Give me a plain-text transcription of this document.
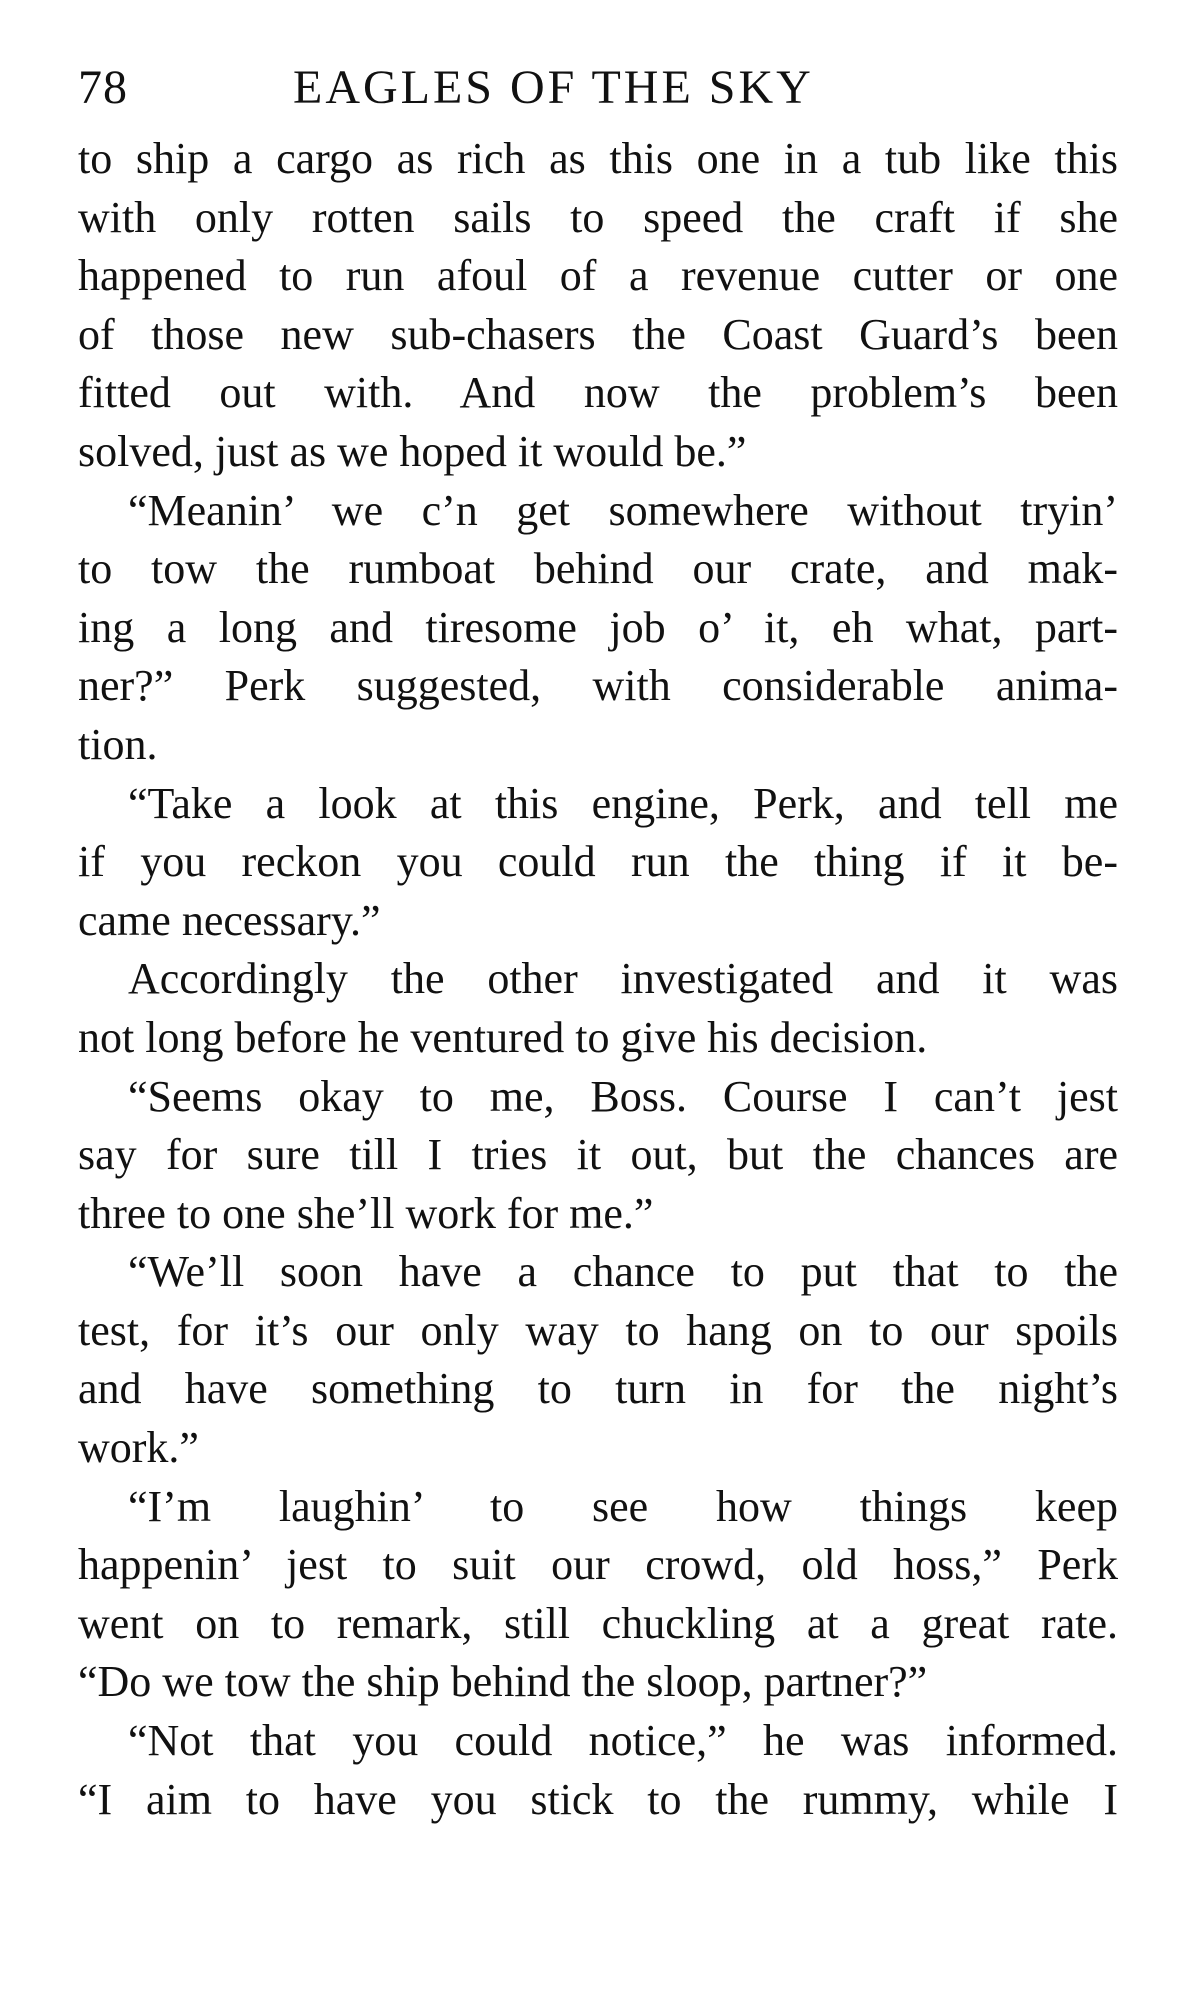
78	EAGLES OF THE SKY
to ship a cargo as rich as this one in a tub like this
with only rotten sails to speed the craft if she
happened to run afoul of a revenue cutter or one
of those new sub-chasers the Coast Guard’s been
fitted out with. And now the problem’s been
solved, just as we hoped it would be.”
“Meanin’ we c’n get somewhere without tryin’
to tow the rumboat behind our crate, and mak-
ing a long and tiresome job o’ it, eh what, part-
ner?” Perk suggested, with considerable anima-
tion.
“Take a look at this engine, Perk, and tell me
if you reckon you could run the thing if it be-
came necessary.”
Accordingly the other investigated and it was
not long before he ventured to give his decision.
“Seems okay to me, Boss. Course I can’t jest
say for sure till I tries it out, but the chances are
three to one she’ll work for me.”
“We’ll soon have a chance to put that to the
test, for it’s our only way to hang on to our spoils
and have something to turn in for the night’s
work.”
“I’m laughin’ to see how things keep
happenin’ jest to suit our crowd, old hoss,” Perk
went on to remark, still chuckling at a great rate.
“Do we tow the ship behind the sloop, partner?”
“Not that you could notice,” he was informed.
“I aim to have you stick to the rummy, while I
